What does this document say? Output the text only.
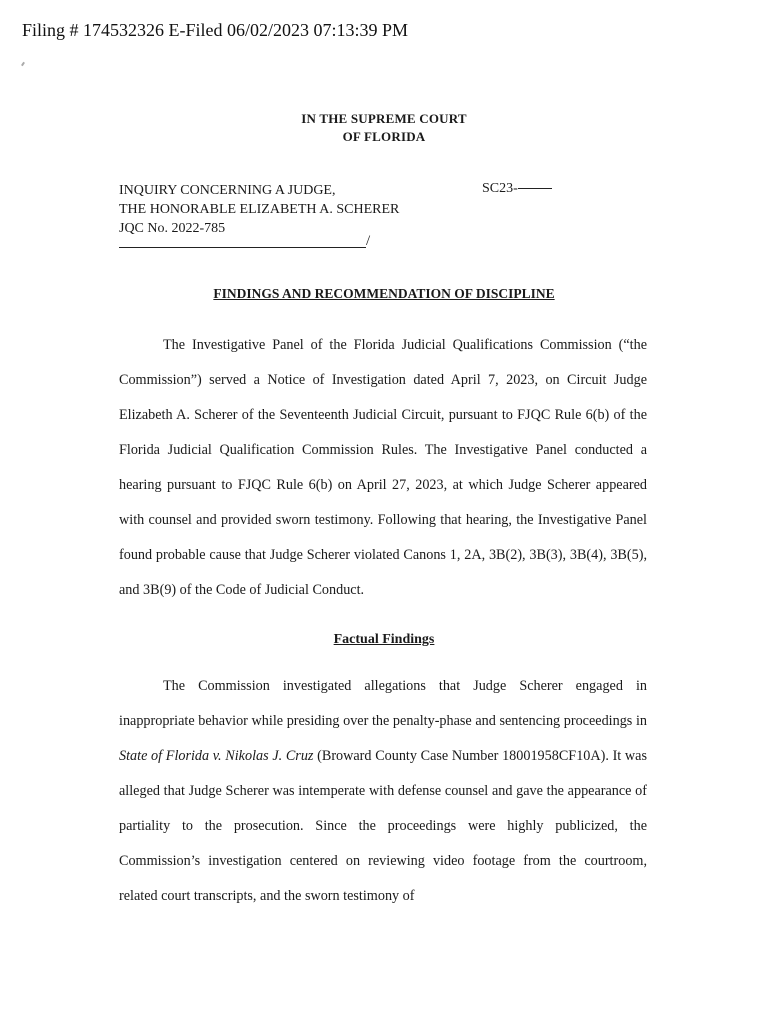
Filing # 174532326 E-Filed 06/02/2023 07:13:39 PM
IN THE SUPREME COURT
OF FLORIDA
INQUIRY CONCERNING A JUDGE,
THE HONORABLE ELIZABETH A. SCHERER
JQC No. 2022-785
SC23-
/
FINDINGS AND RECOMMENDATION OF DISCIPLINE

The Investigative Panel of the Florida Judicial Qualifications Commission (“the Commission”) served a Notice of Investigation dated April 7, 2023, on Circuit Judge Elizabeth A. Scherer of the Seventeenth Judicial Circuit, pursuant to FJQC Rule 6(b) of the Florida Judicial Qualification Commission Rules. The Investigative Panel conducted a hearing pursuant to FJQC Rule 6(b) on April 27, 2023, at which Judge Scherer appeared with counsel and provided sworn testimony. Following that hearing, the Investigative Panel found probable cause that Judge Scherer violated Canons 1, 2A, 3B(2), 3B(3), 3B(4), 3B(5), and 3B(9) of the Code of Judicial Conduct.

Factual Findings

The Commission investigated allegations that Judge Scherer engaged in inappropriate behavior while presiding over the penalty-phase and sentencing proceedings in State of Florida v. Nikolas J. Cruz (Broward County Case Number 18001958CF10A). It was alleged that Judge Scherer was intemperate with defense counsel and gave the appearance of partiality to the prosecution. Since the proceedings were highly publicized, the Commission’s investigation centered on reviewing video footage from the courtroom, related court transcripts, and the sworn testimony of
